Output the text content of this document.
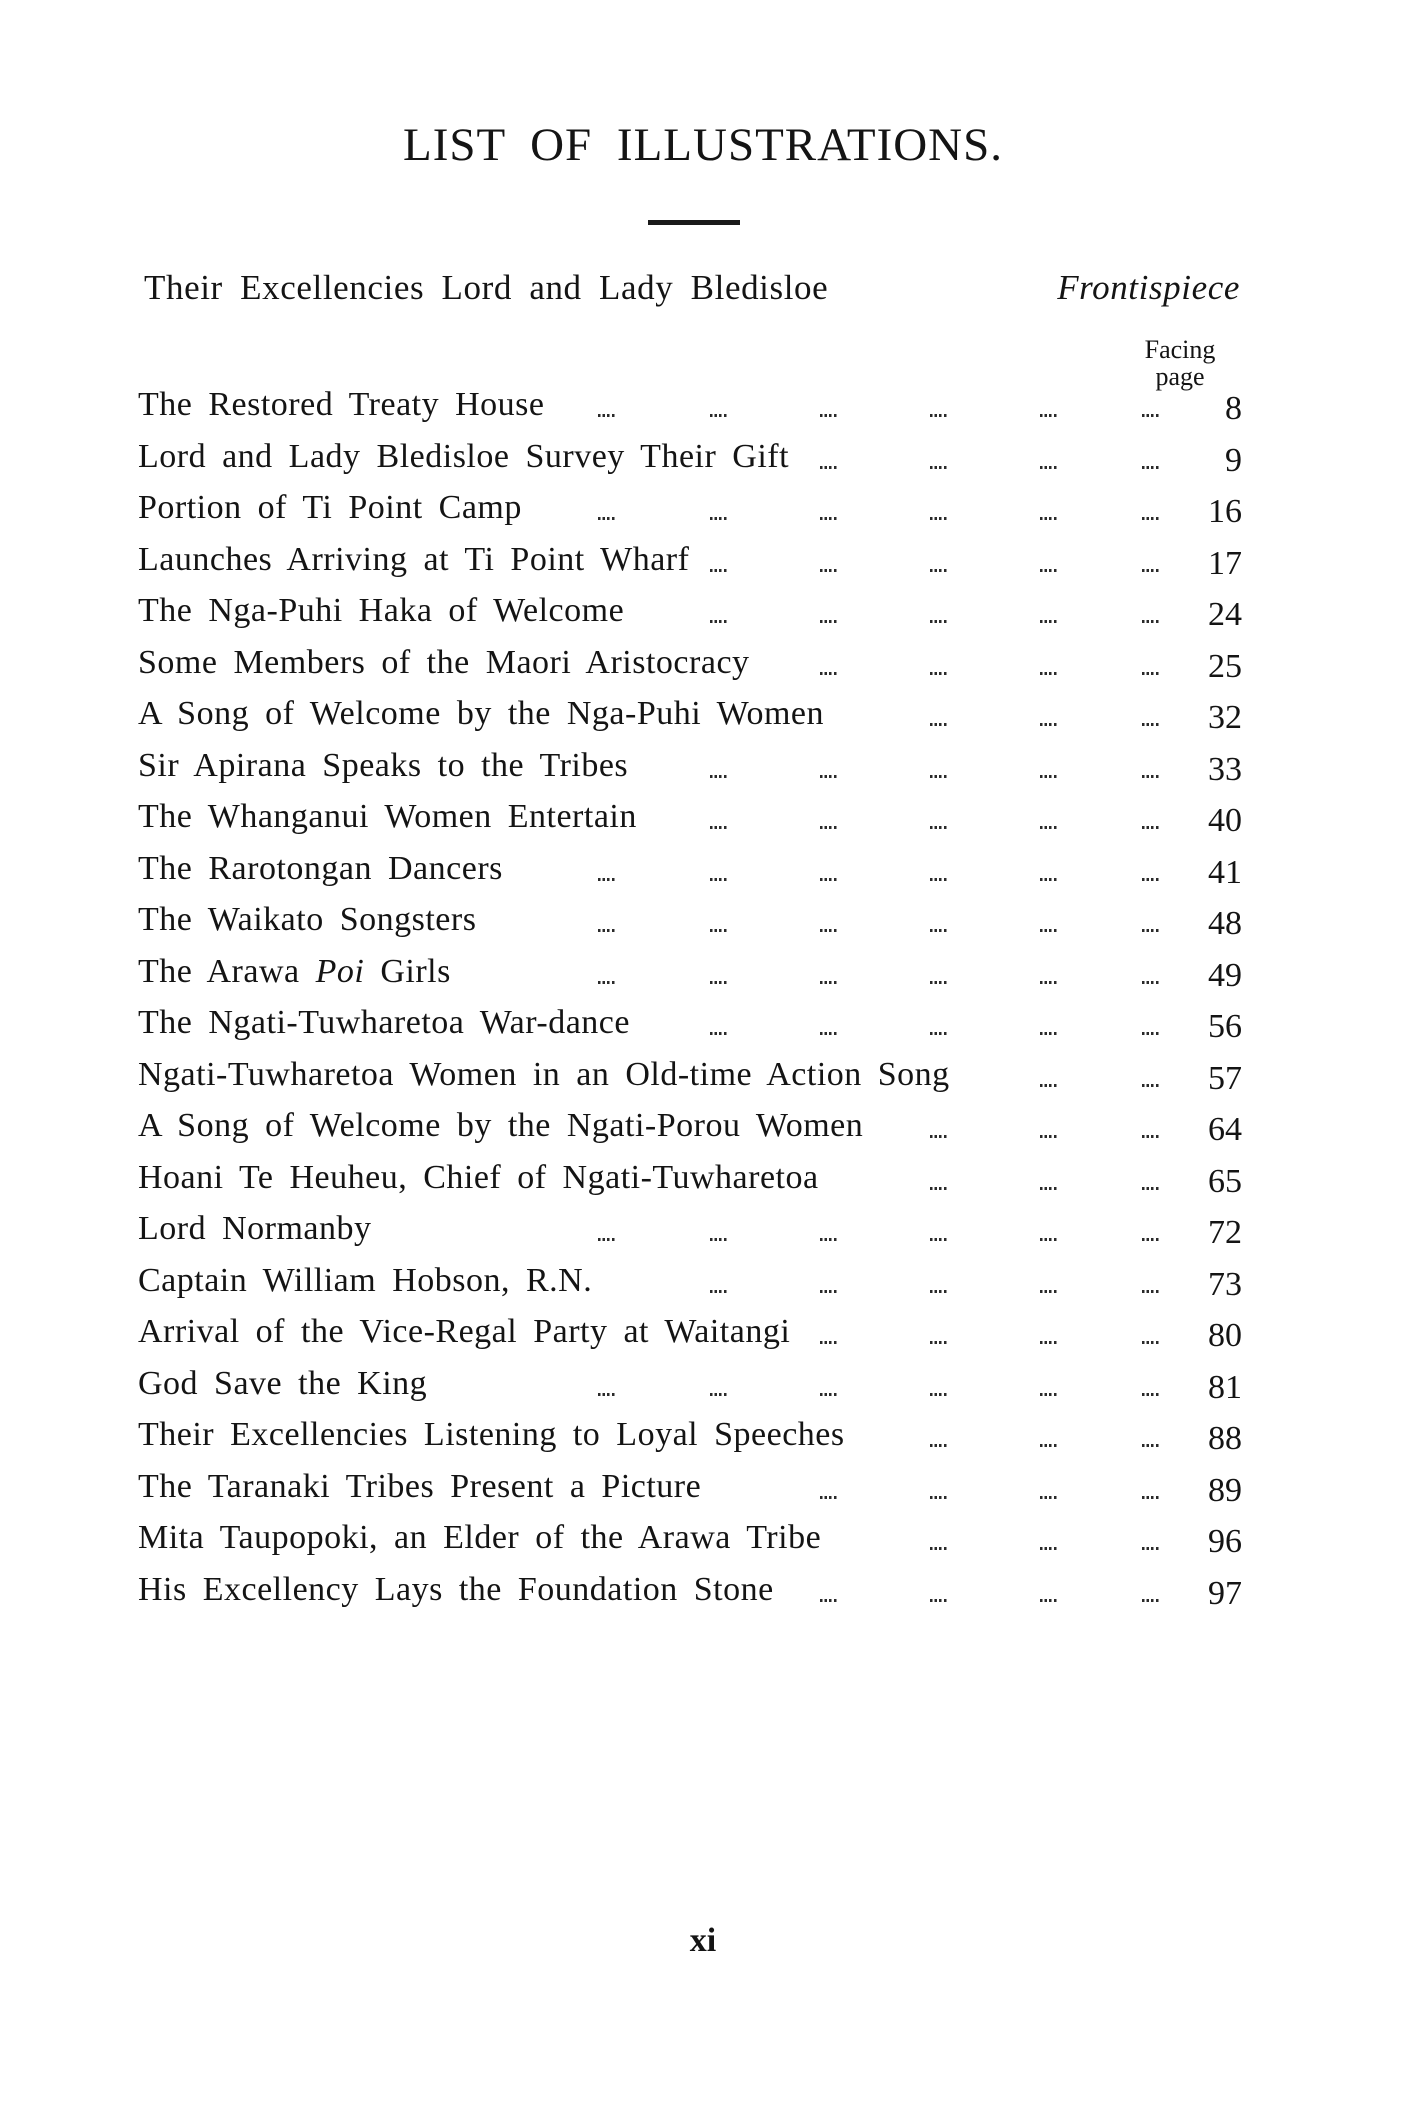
LIST OF ILLUSTRATIONS.
Their Excellencies Lord and Lady Bledisloe	Frontispiece
Facing
page
The Restored Treaty House	8
Lord and Lady Bledisloe Survey Their Gift	9
Portion of Ti Point Camp	16
Launches Arriving at Ti Point Wharf	17
The Nga-Puhi Haka of Welcome	24
Some Members of the Maori Aristocracy	25
A Song of Welcome by the Nga-Puhi Women	32
Sir Apirana Speaks to the Tribes	33
The Whanganui Women Entertain	40
The Rarotongan Dancers	41
The Waikato Songsters	48
The Arawa Poi Girls	49
The Ngati-Tuwharetoa War-dance	56
Ngati-Tuwharetoa Women in an Old-time Action Song	57
A Song of Welcome by the Ngati-Porou Women	64
Hoani Te Heuheu, Chief of Ngati-Tuwharetoa	65
Lord Normanby	72
Captain William Hobson, R.N.	73
Arrival of the Vice-Regal Party at Waitangi	80
God Save the King	81
Their Excellencies Listening to Loyal Speeches	88
The Taranaki Tribes Present a Picture	89
Mita Taupopoki, an Elder of the Arawa Tribe	96
His Excellency Lays the Foundation Stone	97
xi
